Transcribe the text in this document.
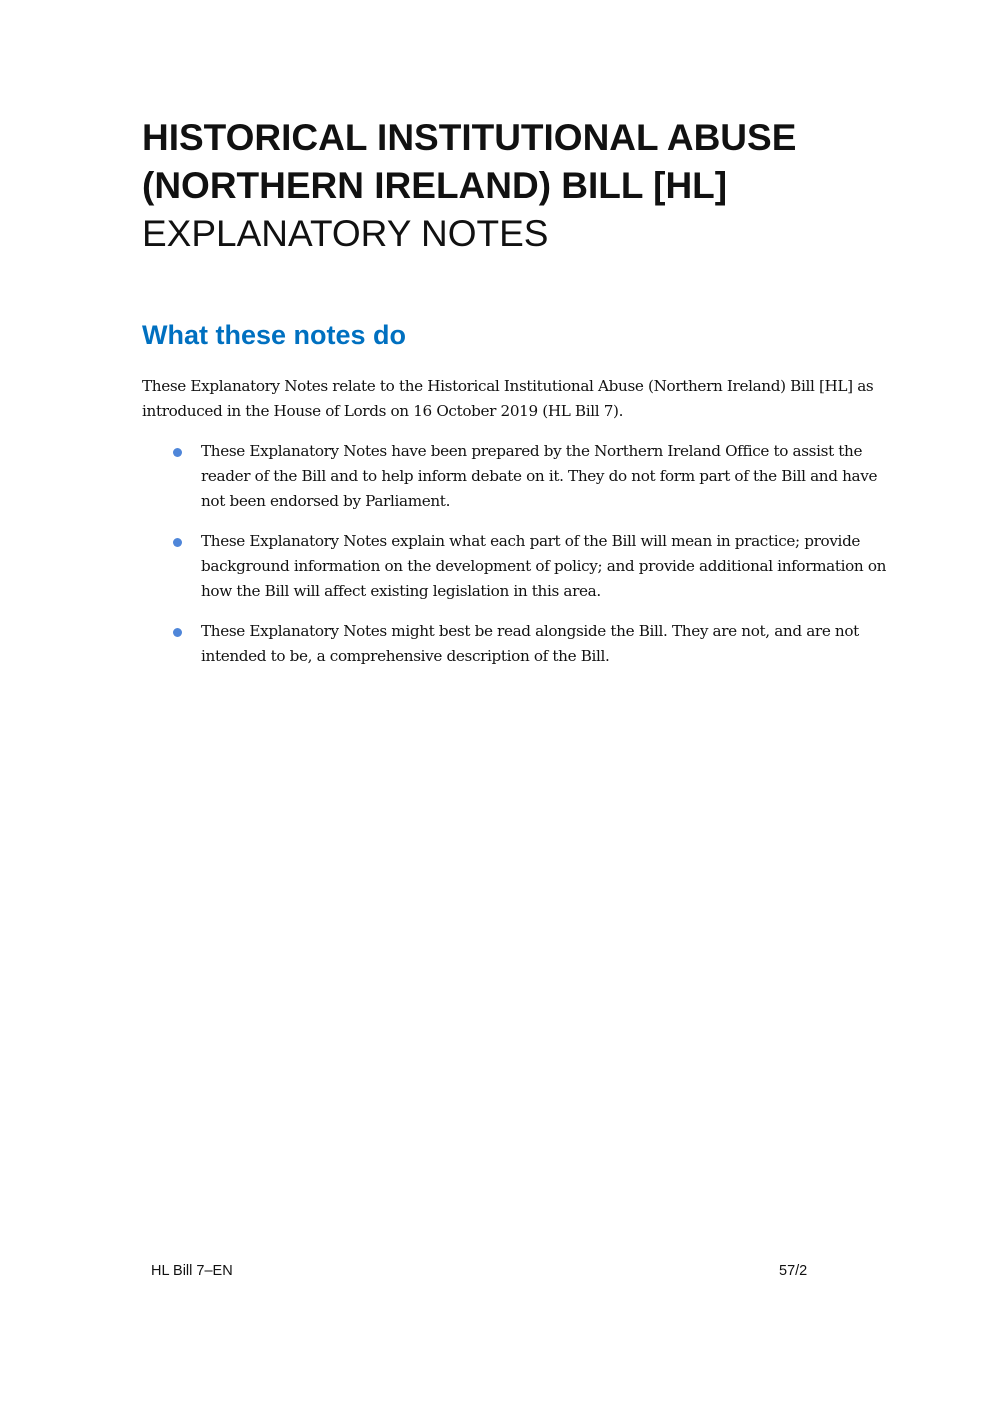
HISTORICAL INSTITUTIONAL ABUSE
(NORTHERN IRELAND) BILL [HL]
EXPLANATORY NOTES
What these notes do

These Explanatory Notes relate to the Historical Institutional Abuse (Northern Ireland) Bill [HL] as introduced in the House of Lords on 16 October 2019 (HL Bill 7).

These Explanatory Notes have been prepared by the Northern Ireland Office to assist the reader of the Bill and to help inform debate on it. They do not form part of the Bill and have not been endorsed by Parliament.
These Explanatory Notes explain what each part of the Bill will mean in practice; provide background information on the development of policy; and provide additional information on how the Bill will affect existing legislation in this area.
These Explanatory Notes might best be read alongside the Bill. They are not, and are not intended to be, a comprehensive description of the Bill.
HL Bill 7–EN	57/2
